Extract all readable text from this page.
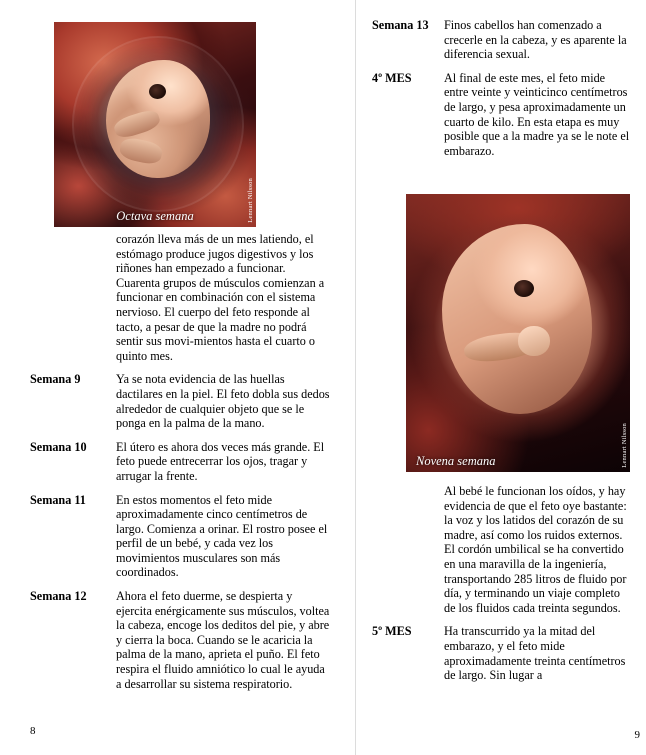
Lennart Nilsson
Octava semana
corazón lleva más de un mes latiendo, el estómago produce jugos digestivos y los riñones han empezado a funcionar. Cuarenta grupos de músculos comienzan a funcionar en combinación con el sistema nervioso. El cuerpo del feto responde al tacto, a pesar de que la madre no podrá sentir sus movi-mientos hasta el cuarto o quinto mes.
Semana 9	Ya se nota evidencia de las huellas dactilares en la piel. El feto dobla sus dedos alrededor de cualquier objeto que se le ponga en la palma de la mano.
Semana 10	El útero es ahora dos veces más grande. El feto puede entrecerrar los ojos, tragar y arrugar la frente.
Semana 11	En estos momentos el feto mide aproximadamente cinco centímetros de largo. Comienza a orinar. El rostro posee el perfil de un bebé, y cada vez los movimientos musculares son más coordinados.
Semana 12	Ahora el feto duerme, se despierta y ejercita enérgicamente sus músculos, voltea la cabeza, encoge los deditos del pie, y abre y cierra la boca. Cuando se le acaricia la palma de la mano, aprieta el puño. El feto respira el fluido amniótico lo cual le ayuda a desarrollar su sistema respiratorio.
Semana 13	Finos cabellos han comenzado a crecerle en la cabeza, y es aparente la diferencia sexual.
4º MES	Al final de este mes, el feto mide entre veinte y veinticinco centímetros de largo, y pesa aproximadamente un cuarto de kilo. En esta etapa es muy posible que a la madre ya se le note el embarazo.
Lennart Nilsson
Novena semana
Al bebé le funcionan los oídos, y hay evidencia de que el feto oye bastante: la voz y los latidos del corazón de su madre, así como los ruidos externos. El cordón umbilical se ha convertido en una maravilla de la ingeniería, transportando 285 litros de fluido por día, y terminando un viaje completo de los fluidos cada treinta segundos.
5º MES	Ha transcurrido ya la mitad del embarazo, y el feto mide aproximadamente treinta centímetros de largo. Sin lugar a
8	9
